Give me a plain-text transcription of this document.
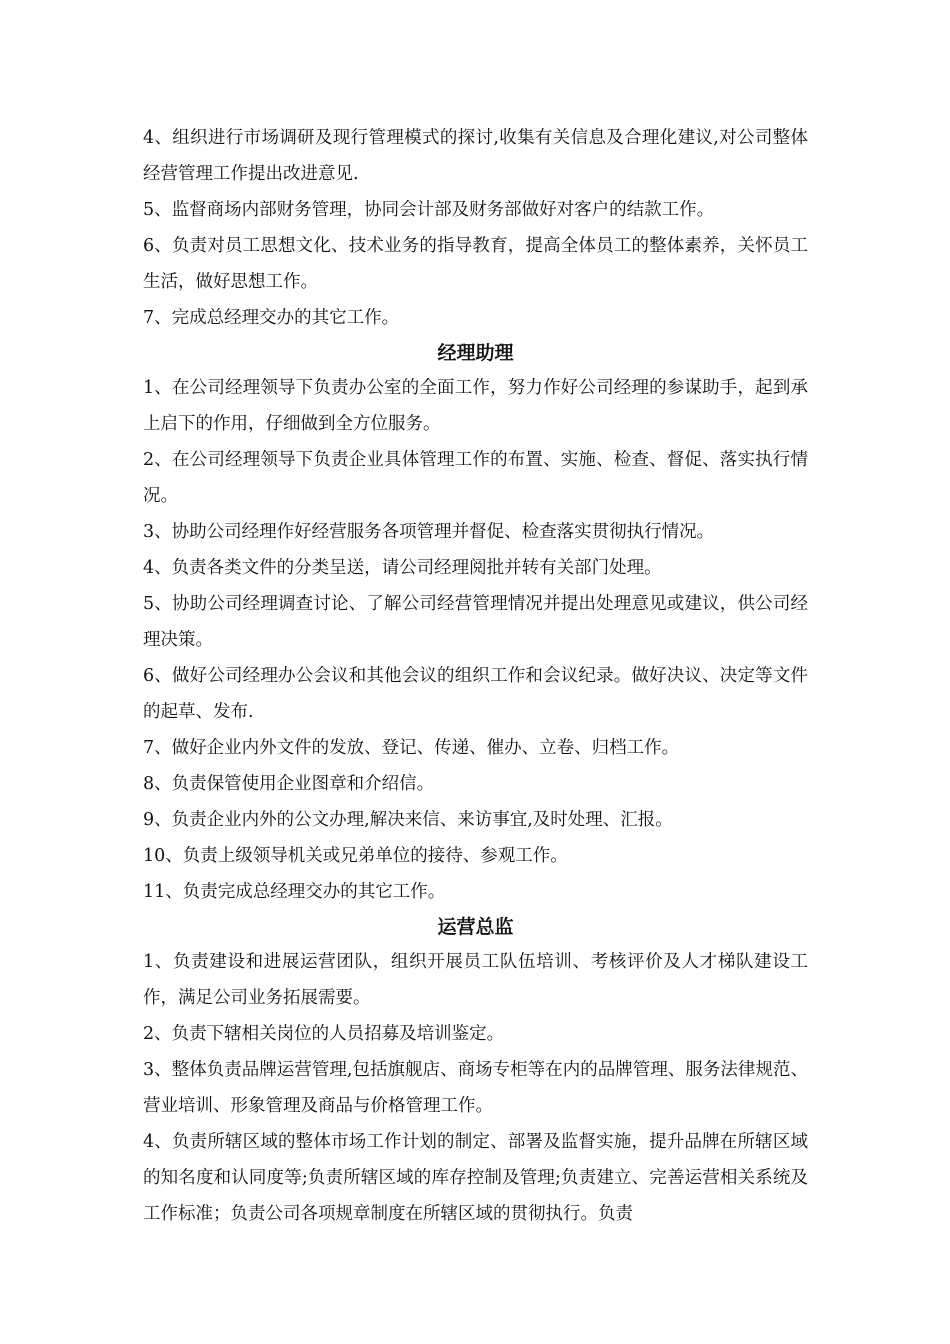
4、组织进行市场调研及现行管理模式的探讨,收集有关信息及合理化建议,对公司整体经营管理工作提出改进意见.

5、监督商场内部财务管理，协同会计部及财务部做好对客户的结款工作。

6、负责对员工思想文化、技术业务的指导教育，提高全体员工的整体素养，关怀员工生活，做好思想工作。

7、完成总经理交办的其它工作。

经理助理

1、在公司经理领导下负责办公室的全面工作，努力作好公司经理的参谋助手，起到承上启下的作用，仔细做到全方位服务。

2、在公司经理领导下负责企业具体管理工作的布置、实施、检查、督促、落实执行情况。

3、协助公司经理作好经营服务各项管理并督促、检查落实贯彻执行情况。

4、负责各类文件的分类呈送，请公司经理阅批并转有关部门处理。

5、协助公司经理调查讨论、了解公司经营管理情况并提出处理意见或建议，供公司经理决策。

6、做好公司经理办公会议和其他会议的组织工作和会议纪录。做好决议、决定等文件的起草、发布.

7、做好企业内外文件的发放、登记、传递、催办、立卷、归档工作。

8、负责保管使用企业图章和介绍信。

9、负责企业内外的公文办理,解决来信、来访事宜,及时处理、汇报。

10、负责上级领导机关或兄弟单位的接待、参观工作。

11、负责完成总经理交办的其它工作。

运营总监

1、负责建设和进展运营团队，组织开展员工队伍培训、考核评价及人才梯队建设工作，满足公司业务拓展需要。

2、负责下辖相关岗位的人员招募及培训鉴定。

3、整体负责品牌运营管理,包括旗舰店、商场专柜等在内的品牌管理、服务法律规范、营业培训、形象管理及商品与价格管理工作。

4、负责所辖区域的整体市场工作计划的制定、部署及监督实施，提升品牌在所辖区域的知名度和认同度等;负责所辖区域的库存控制及管理;负责建立、完善运营相关系统及工作标准；负责公司各项规章制度在所辖区域的贯彻执行。负责
